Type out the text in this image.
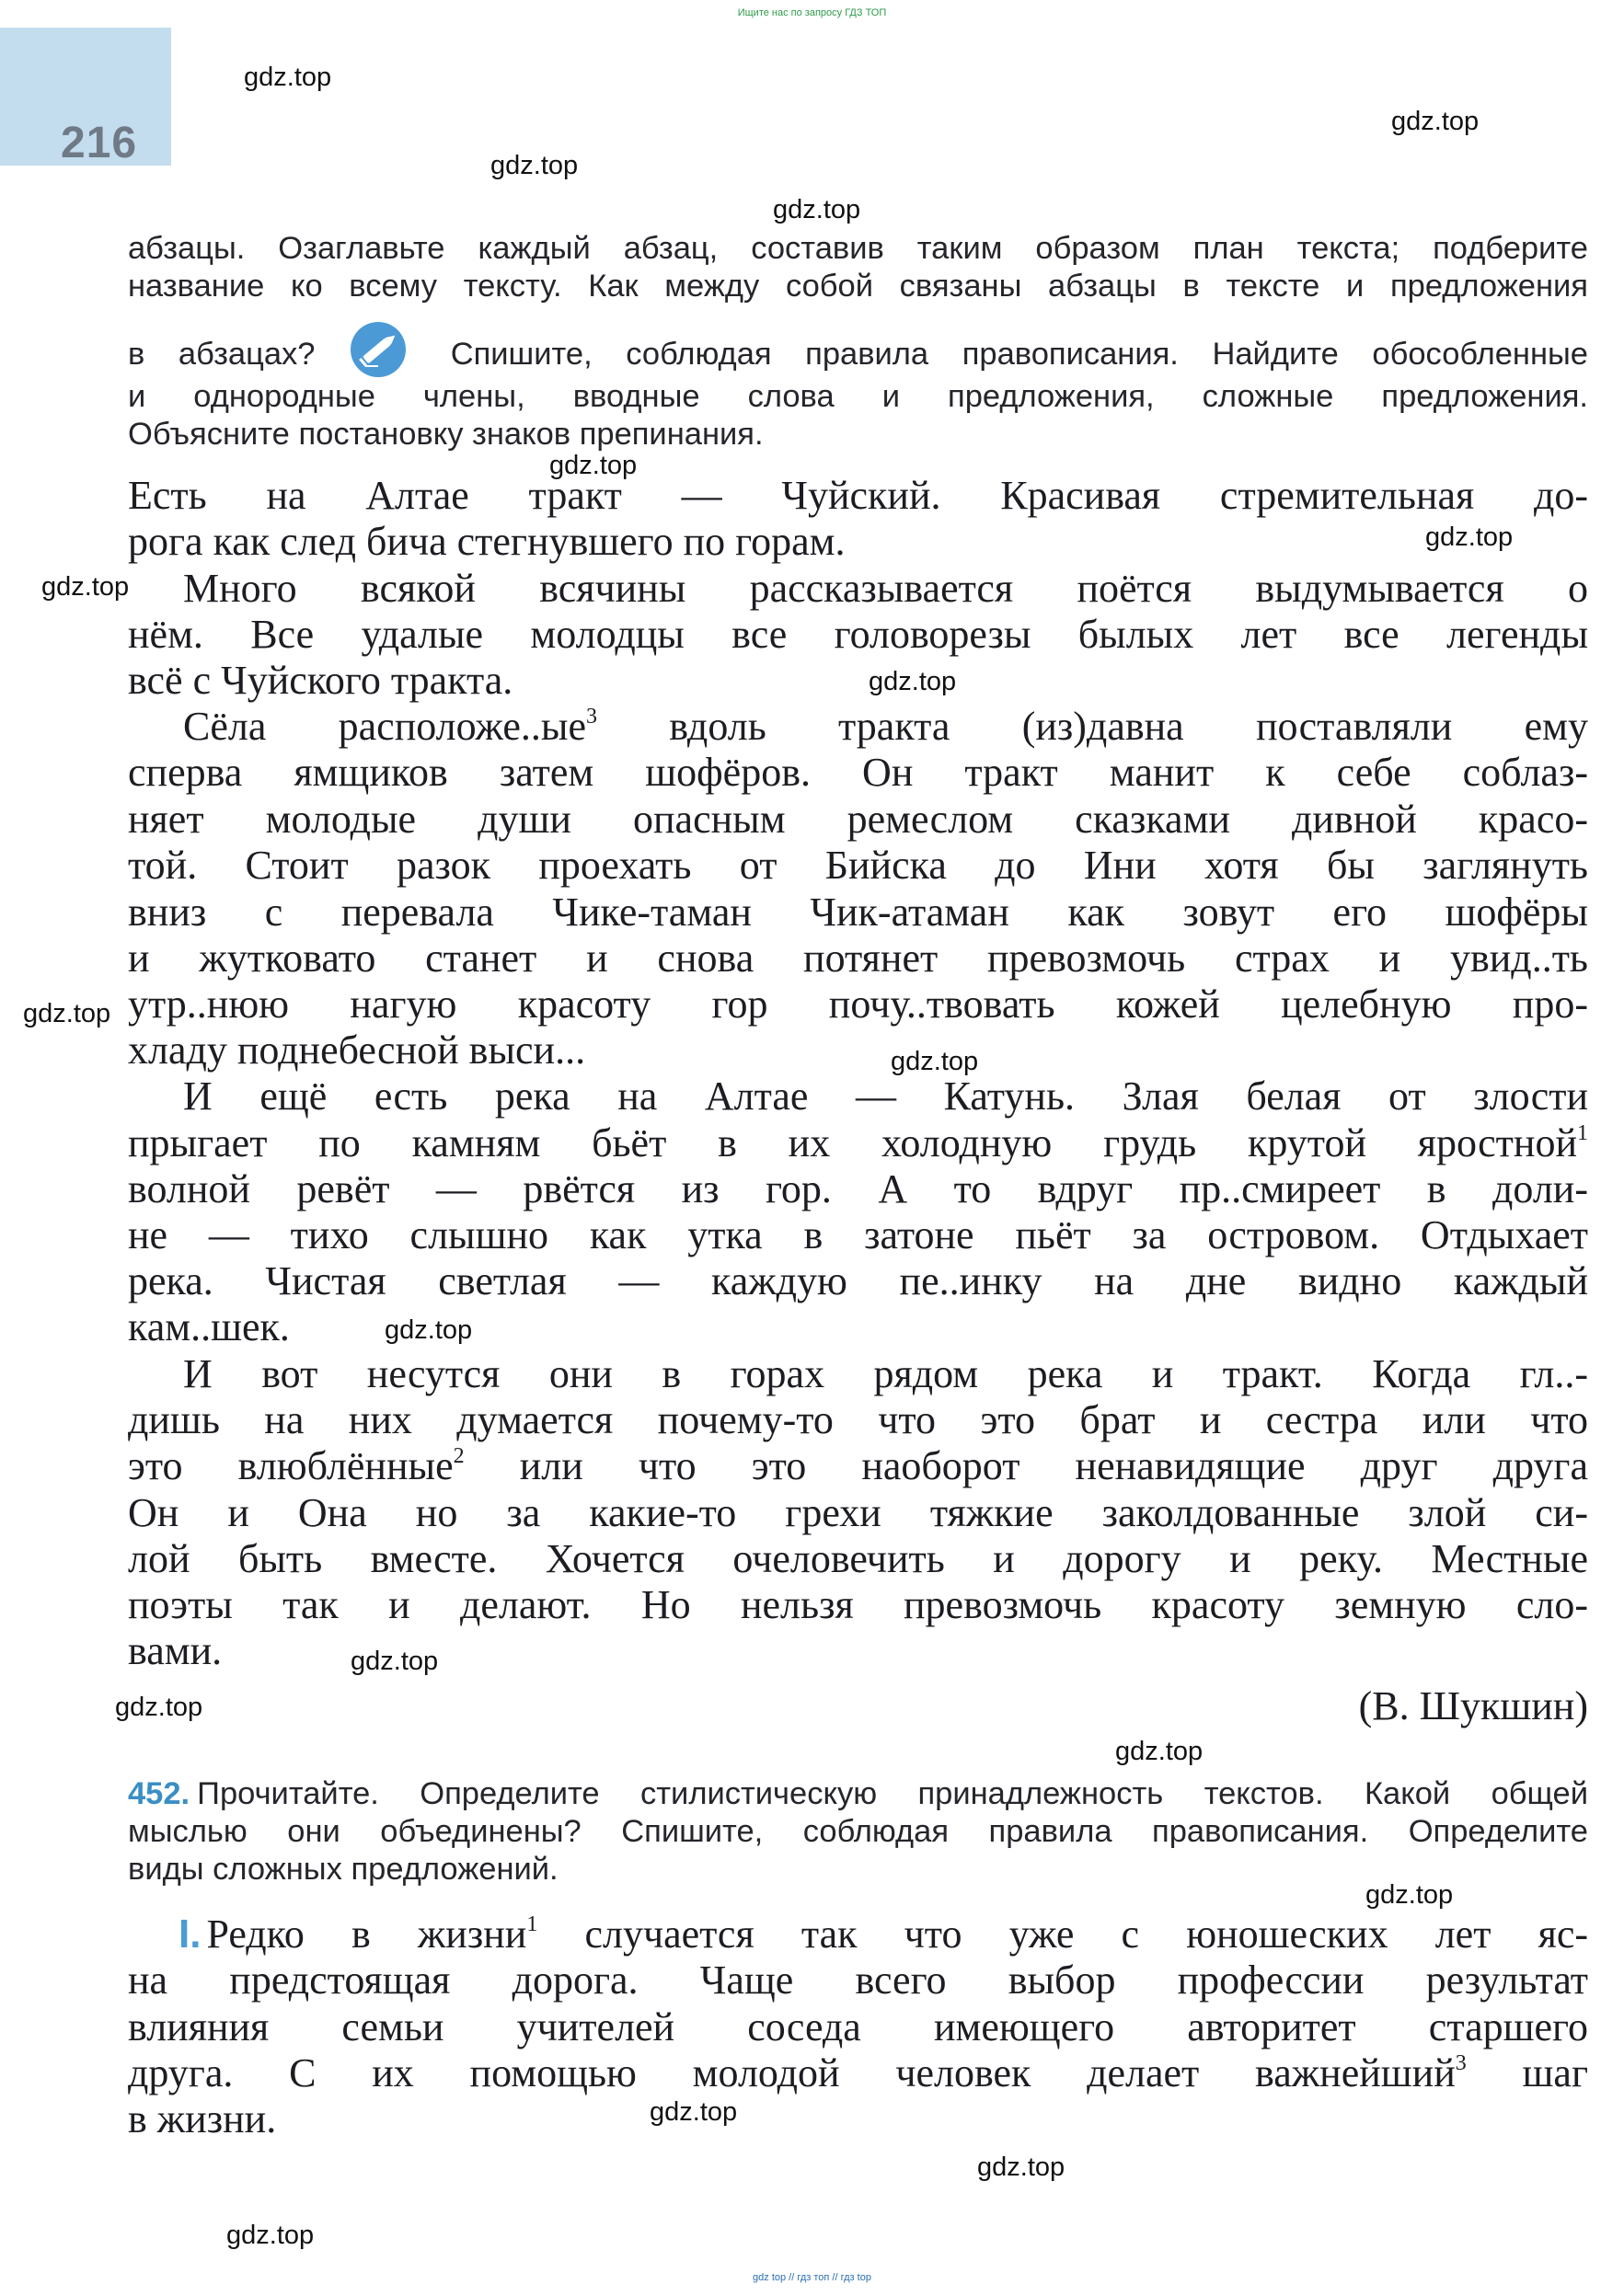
Ищите нас по запросу ГДЗ ТОП
216
абзацы. Озаглавьте каждый абзац, составив таким образом план текста; подберите
название ко всему тексту. Как между собой связаны абзацы в тексте и предложения
в абзацах?	Спишите, соблюдая правила правописания. Найдите обособленные
и однородные члены, вводные слова и предложения, сложные предложения.
Объясните постановку знаков препинания.
Есть на Алтае тракт — Чуйский. Красивая стремительная до-
рога как след бича стегнувшего по горам.
Много всякой всячины рассказывается поётся выдумывается о
нём. Все удалые молодцы все головорезы былых лет все легенды
всё с Чуйского тракта.
Сёла $расположе..ые^3$ вдоль тракта (из)давна поставляли ему
сперва ямщиков затем шофёров. Он тракт манит к себе соблаз-
няет молодые души опасным ремеслом сказками дивной красо-
той. Стоит разок проехать от Бийска до Ини хотя бы заглянуть
вниз с перевала Чике-таман Чик-атаман как зовут его шофёры
и жутковато станет и снова потянет превозмочь страх и увид..ть
утр..нюю нагую красоту гор почу..твовать кожей целебную про-
хладу поднебесной выси...
И ещё есть река на Алтае — Катунь. Злая белая от злости
прыгает по камням бьёт в их холодную грудь крутой яростной$^1$
волной ревёт — рвётся из гор. А то вдруг пр..смиреет в доли-
не — тихо слышно как утка в затоне пьёт за островом. Отдыхает
река. Чистая светлая — каждую пе..инку на дне видно каждый
кам..шек.
И вот несутся они в горах рядом река и тракт. Когда гл..-
дишь на них думается почему-то что это брат и сестра или что
это влюблённые$^2$ или что это наоборот ненавидящие друг друга
Он и Она но за какие-то грехи тяжкие заколдованные злой си-
лой быть вместе. Хочется очеловечить и дорогу и реку. Местные
поэты так и делают. Но нельзя превозмочь красоту земную сло-
вами.
(В. Шукшин)
452. Прочитайте. Определите стилистическую принадлежность текстов. Какой общей
мыслью они объединены? Спишите, соблюдая правила правописания. Определите
виды сложных предложений.
I. Редко в жизни$^1$ случается так что уже с юношеских лет яс-
на предстоящая дорога. Чаще всего выбор профессии результат
влияния семьи учителей соседа имеющего авторитет старшего
друга. С их помощью молодой человек делает важнейший$^3$ шаг
в жизни.
gdz.top
gdz.top
gdz.top
gdz.top
gdz.top
gdz.top
gdz.top
gdz.top
gdz.top
gdz.top
gdz.top
gdz.top
gdz.top
gdz.top
gdz.top
gdz.top
gdz.top
gdz.top
gdz top // гдз топ // гдз top
